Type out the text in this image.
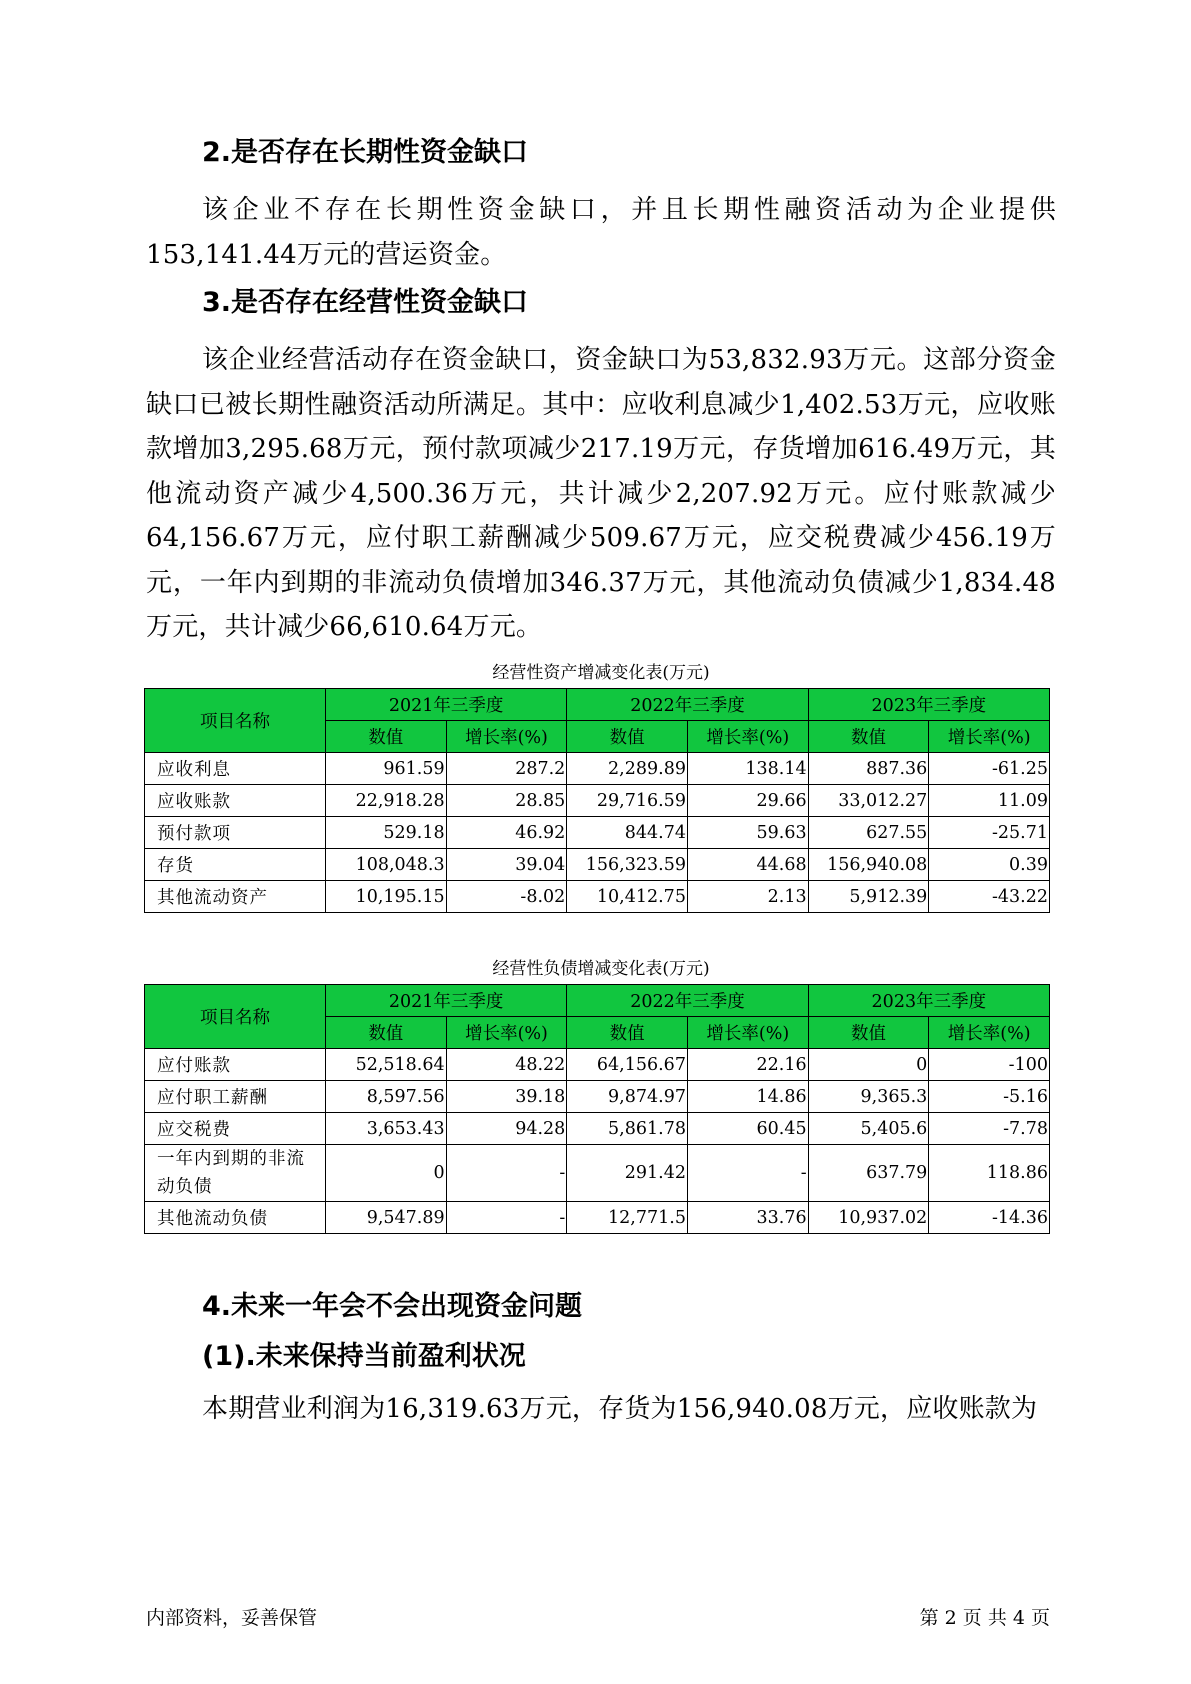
2.是否存在长期性资金缺口

该企业不存在长期性资金缺口，并且长期性融资活动为企业提供153,141.44万元的营运资金。

3.是否存在经营性资金缺口

该企业经营活动存在资金缺口，资金缺口为53,832.93万元。这部分资金缺口已被长期性融资活动所满足。其中：应收利息减少1,402.53万元，应收账款增加3,295.68万元，预付款项减少217.19万元，存货增加616.49万元，其他流动资产减少4,500.36万元，共计减少2,207.92万元。应付账款减少64,156.67万元，应付职工薪酬减少509.67万元，应交税费减少456.19万元，一年内到期的非流动负债增加346.37万元，其他流动负债减少1,834.48万元，共计减少66,610.64万元。

经营性资产增减变化表(万元)
项目名称	2021年三季度		2022年三季度		2023年三季度	
	数值	增长率(%)	数值	增长率(%)	数值	增长率(%)
应收利息	961.59	287.2	2,289.89	138.14	887.36	-61.25
应收账款	22,918.28	28.85	29,716.59	29.66	33,012.27	11.09
预付款项	529.18	46.92	844.74	59.63	627.55	-25.71
存货	108,048.3	39.04	156,323.59	44.68	156,940.08	0.39
其他流动资产	10,195.15	-8.02	10,412.75	2.13	5,912.39	-43.22
经营性负债增减变化表(万元)
项目名称	2021年三季度		2022年三季度		2023年三季度	
	数值	增长率(%)	数值	增长率(%)	数值	增长率(%)
应付账款	52,518.64	48.22	64,156.67	22.16	0	-100
应付职工薪酬	8,597.56	39.18	9,874.97	14.86	9,365.3	-5.16
应交税费	3,653.43	94.28	5,861.78	60.45	5,405.6	-7.78
一年内到期的非流动负债	0	-	291.42	-	637.79	118.86
其他流动负债	9,547.89	-	12,771.5	33.76	10,937.02	-14.36
4.未来一年会不会出现资金问题
(1).未来保持当前盈利状况

本期营业利润为16,319.63万元，存货为156,940.08万元，应收账款为

内部资料，妥善保管	第 2 页 共 4 页
